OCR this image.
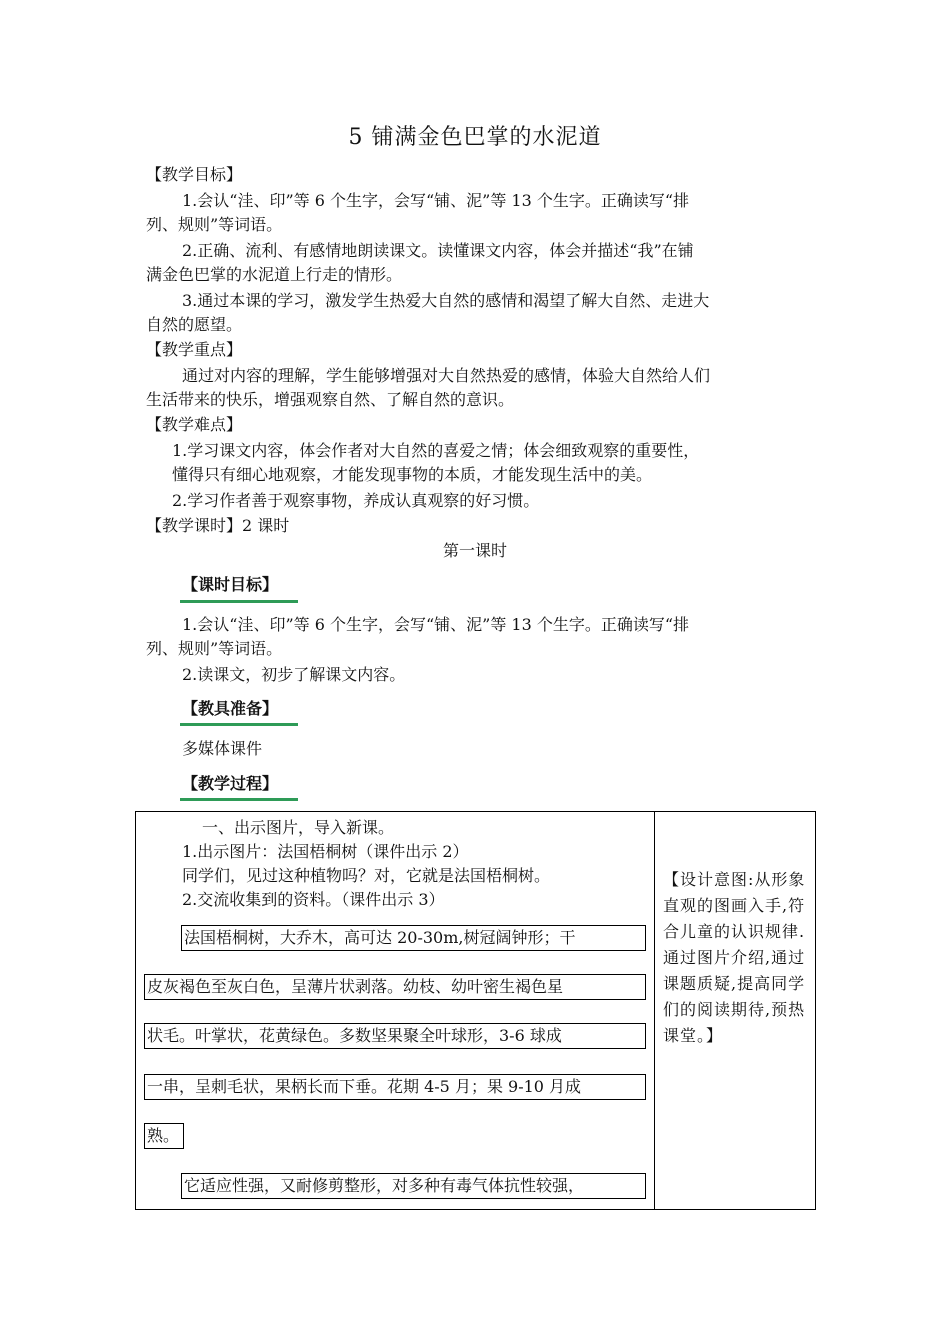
5 铺满金色巴掌的水泥道
【教学目标】
1.会认“洼、印”等 6 个生字，会写“铺、泥”等 13 个生字。正确读写“排
列、规则”等词语。
2.正确、流利、有感情地朗读课文。读懂课文内容，体会并描述“我”在铺
满金色巴掌的水泥道上行走的情形。
3.通过本课的学习，激发学生热爱大自然的感情和渴望了解大自然、走进大
自然的愿望。
【教学重点】
通过对内容的理解，学生能够增强对大自然热爱的感情，体验大自然给人们
生活带来的快乐，增强观察自然、了解自然的意识。
【教学难点】
1.学习课文内容，体会作者对大自然的喜爱之情；体会细致观察的重要性，
懂得只有细心地观察，才能发现事物的本质，才能发现生活中的美。
2.学习作者善于观察事物，养成认真观察的好习惯。
【教学课时】2 课时
第一课时
【课时目标】
1.会认“洼、印”等 6 个生字，会写“铺、泥”等 13 个生字。正确读写“排
列、规则”等词语。
2.读课文，初步了解课文内容。
【教具准备】
多媒体课件
【教学过程】
一、出示图片，导入新课。
1.出示图片：法国梧桐树（课件出示 2）
同学们，见过这种植物吗？对，它就是法国梧桐树。
2.交流收集到的资料。（课件出示 3）
法国梧桐树，大乔木，高可达 20-30m,树冠阔钟形；干
皮灰褐色至灰白色，呈薄片状剥落。幼枝、幼叶密生褐色星
状毛。叶掌状，花黄绿色。多数坚果聚全叶球形，3-6 球成
一串，呈刺毛状，果柄长而下垂。花期 4-5 月；果 9-10 月成
熟。
它适应性强，又耐修剪整形，对多种有毒气体抗性较强，
【设计意图:从形象直观的图画入手,符合儿童的认识规律.通过图片介绍,通过课题质疑,提高同学们的阅读期待,预热课堂。】
